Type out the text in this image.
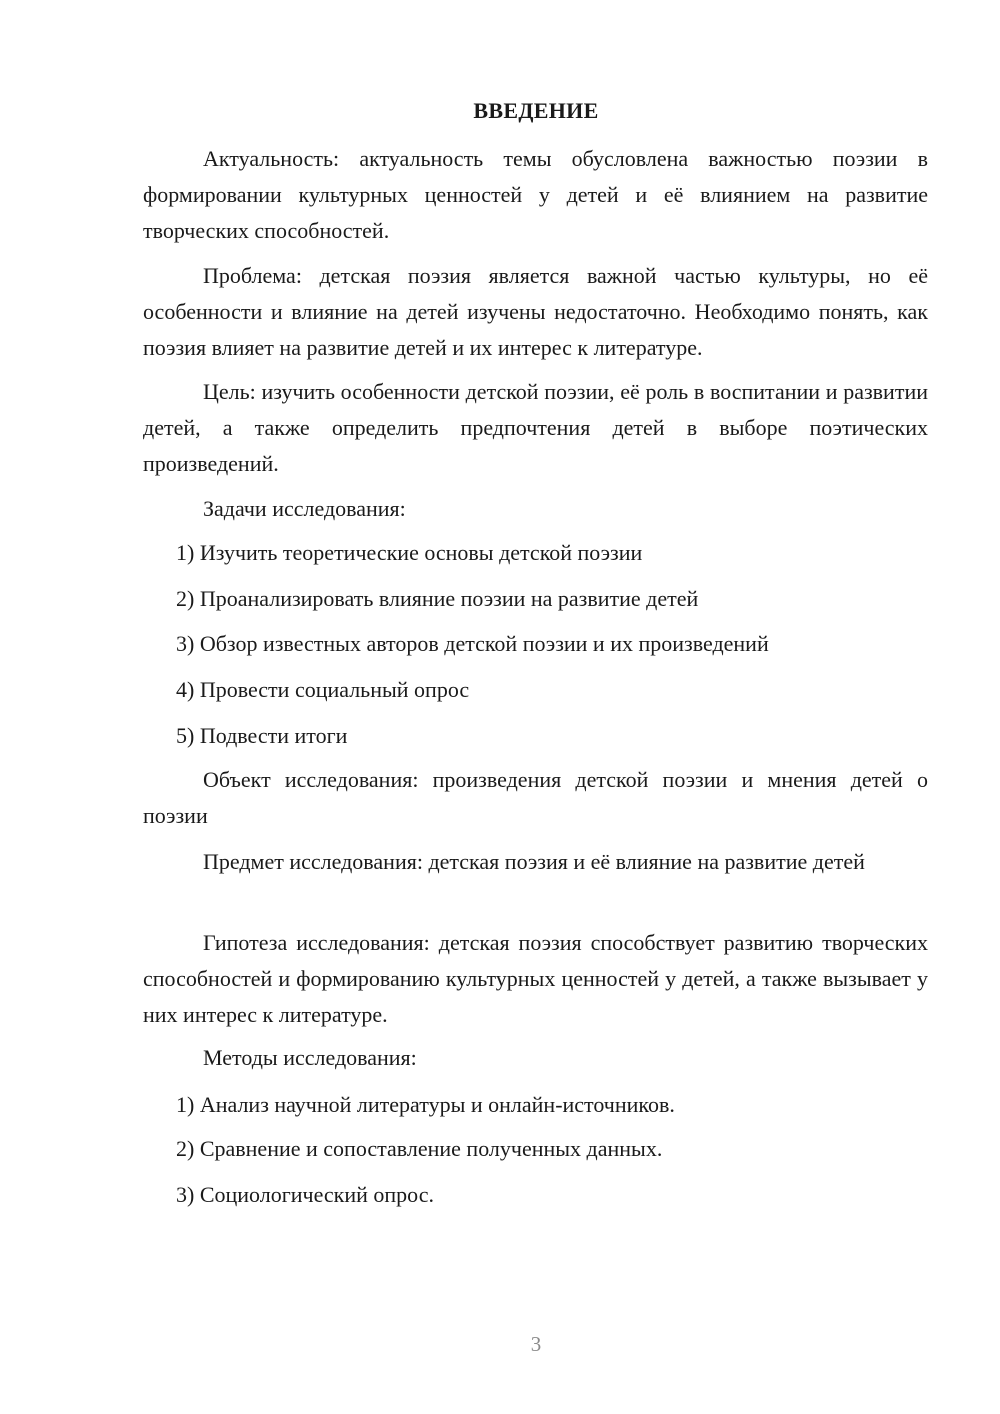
ВВЕДЕНИЕ

Актуальность: актуальность темы обусловлена важностью поэзии в формировании культурных ценностей у детей и её влиянием на развитие творческих способностей.

Проблема: детская поэзия является важной частью культуры, но её особенности и влияние на детей изучены недостаточно. Необходимо понять, как поэзия влияет на развитие детей и их интерес к литературе.

Цель: изучить особенности детской поэзии, её роль в воспитании и развитии детей, а также определить предпочтения детей в выборе поэтических произведений.

Задачи исследования:

1) Изучить теоретические основы детской поэзии

2) Проанализировать влияние поэзии на развитие детей

3) Обзор известных авторов детской поэзии и их произведений

4) Провести социальный опрос

5) Подвести итоги

Объект исследования: произведения детской поэзии и мнения детей о поэзии

Предмет исследования: детская поэзия и её влияние на развитие детей

Гипотеза исследования: детская поэзия способствует развитию творческих способностей и формированию культурных ценностей у детей, а также вызывает у них интерес к литературе.

Методы исследования:

1) Анализ научной литературы и онлайн-источников.

2) Сравнение и сопоставление полученных данных.

3) Социологический опрос.

3
